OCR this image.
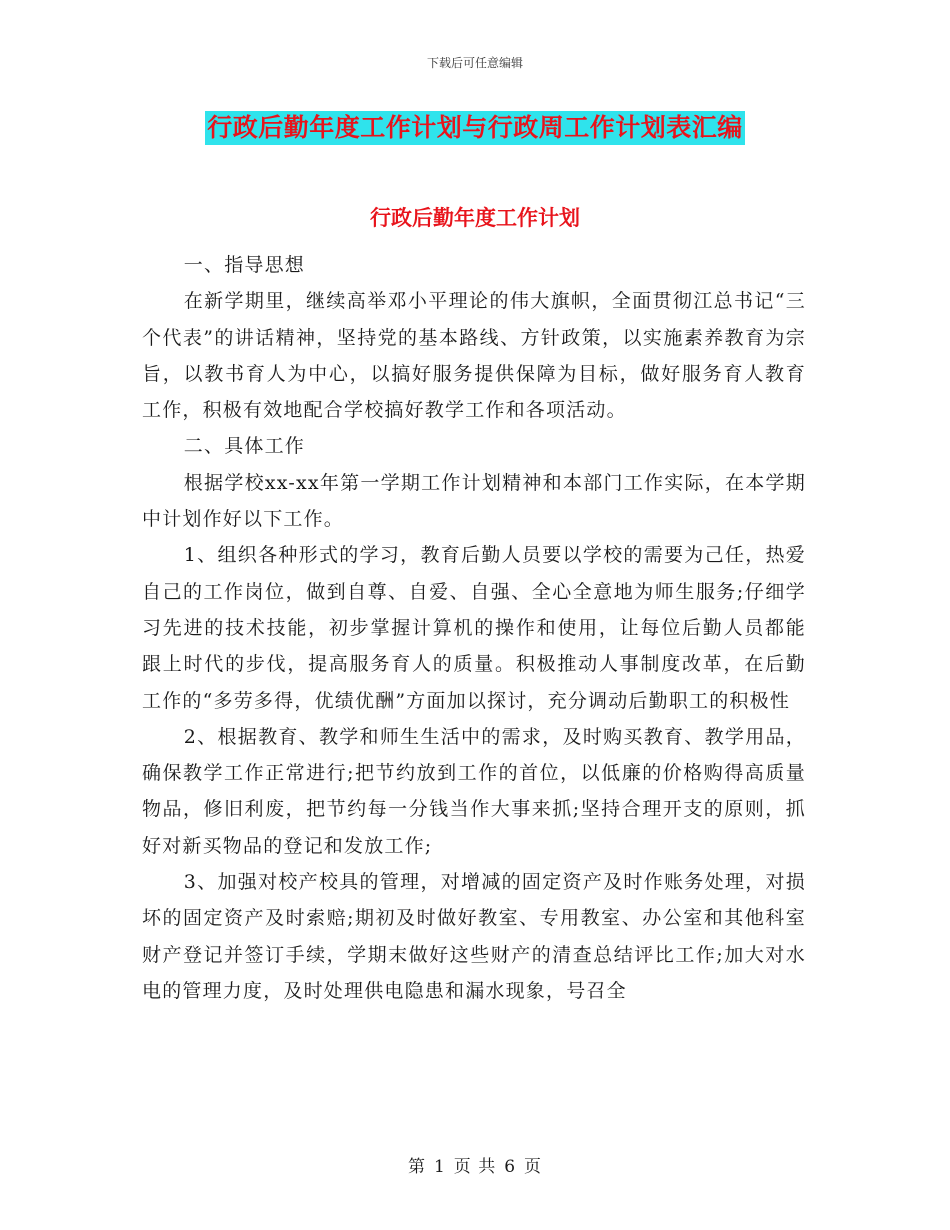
下载后可任意编辑
行政后勤年度工作计划与行政周工作计划表汇编
行政后勤年度工作计划

一、指导思想

在新学期里，继续高举邓小平理论的伟大旗帜，全面贯彻江总书记“三个代表”的讲话精神，坚持党的基本路线、方针政策，以实施素养教育为宗旨，以教书育人为中心，以搞好服务提供保障为目标，做好服务育人教育工作，积极有效地配合学校搞好教学工作和各项活动。

二、具体工作

根据学校xx-xx年第一学期工作计划精神和本部门工作实际，在本学期中计划作好以下工作。

1、组织各种形式的学习，教育后勤人员要以学校的需要为己任，热爱自己的工作岗位，做到自尊、自爱、自强、全心全意地为师生服务;仔细学习先进的技术技能，初步掌握计算机的操作和使用，让每位后勤人员都能跟上时代的步伐，提高服务育人的质量。积极推动人事制度改革，在后勤工作的“多劳多得，优绩优酬”方面加以探讨，充分调动后勤职工的积极性

2、根据教育、教学和师生生活中的需求，及时购买教育、教学用品，确保教学工作正常进行;把节约放到工作的首位，以低廉的价格购得高质量物品，修旧利废，把节约每一分钱当作大事来抓;坚持合理开支的原则，抓好对新买物品的登记和发放工作;

3、加强对校产校具的管理，对增减的固定资产及时作账务处理，对损坏的固定资产及时索赔;期初及时做好教室、专用教室、办公室和其他科室财产登记并签订手续，学期末做好这些财产的清查总结评比工作;加大对水电的管理力度，及时处理供电隐患和漏水现象，号召全

第 1 页 共 6 页
